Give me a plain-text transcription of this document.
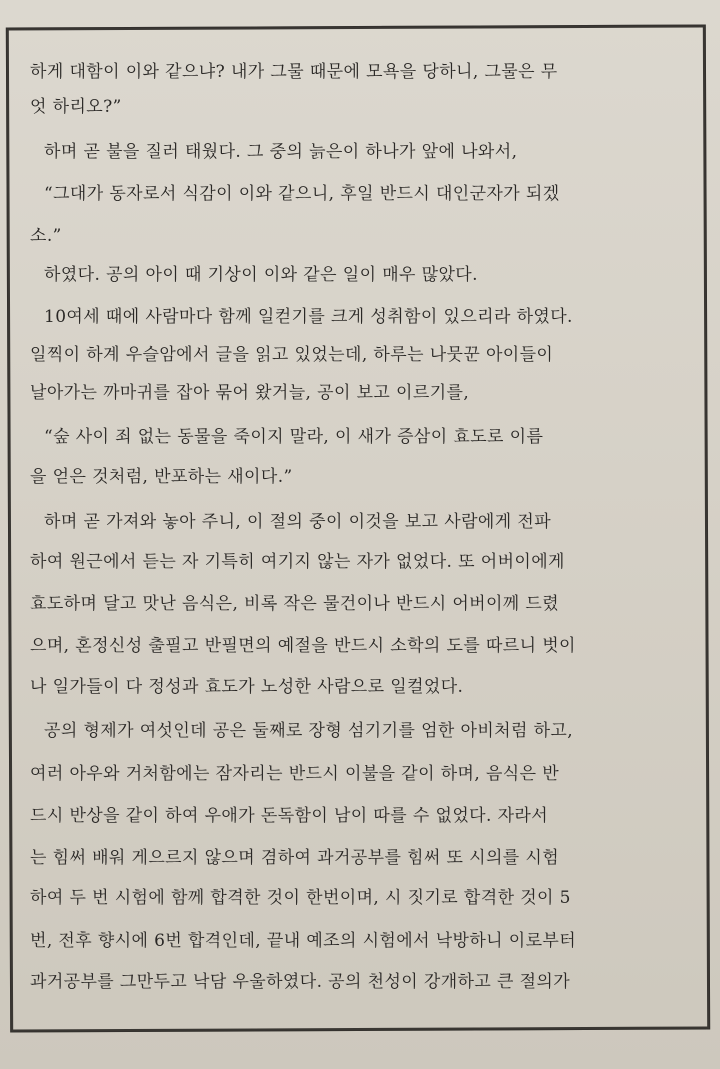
하게 대함이 이와 같으냐? 내가 그물 때문에 모욕을 당하니, 그물은 무
엇 하리오?”
하며 곧 불을 질러 태웠다. 그 중의 늙은이 하나가 앞에 나와서,
“그대가 동자로서 식감이 이와 같으니, 후일 반드시 대인군자가 되겠
소.”
하였다. 공의 아이 때 기상이 이와 같은 일이 매우 많았다.
10여세 때에 사람마다 함께 일컫기를 크게 성취함이 있으리라 하였다.
일찍이 하계 우슬암에서 글을 읽고 있었는데, 하루는 나뭇꾼 아이들이
날아가는 까마귀를 잡아 묶어 왔거늘, 공이 보고 이르기를,
“숲 사이 죄 없는 동물을 죽이지 말라, 이 새가 증삼이 효도로 이름
을 얻은 것처럼, 반포하는 새이다.”
하며 곧 가져와 놓아 주니, 이 절의 중이 이것을 보고 사람에게 전파
하여 원근에서 듣는 자 기특히 여기지 않는 자가 없었다. 또 어버이에게
효도하며 달고 맛난 음식은, 비록 작은 물건이나 반드시 어버이께 드렸
으며, 혼정신성 출필고 반필면의 예절을 반드시 소학의 도를 따르니 벗이
나 일가들이 다 정성과 효도가 노성한 사람으로 일컬었다.
공의 형제가 여섯인데 공은 둘째로 장형 섬기기를 엄한 아비처럼 하고,
여러 아우와 거처함에는 잠자리는 반드시 이불을 같이 하며, 음식은 반
드시 반상을 같이 하여 우애가 돈독함이 남이 따를 수 없었다. 자라서
는 힘써 배워 게으르지 않으며 겸하여 과거공부를 힘써 또 시의를 시험
하여 두 번 시험에 함께 합격한 것이 한번이며, 시 짓기로 합격한 것이 5
번, 전후 향시에 6번 합격인데, 끝내 예조의 시험에서 낙방하니 이로부터
과거공부를 그만두고 낙담 우울하였다. 공의 천성이 강개하고 큰 절의가
